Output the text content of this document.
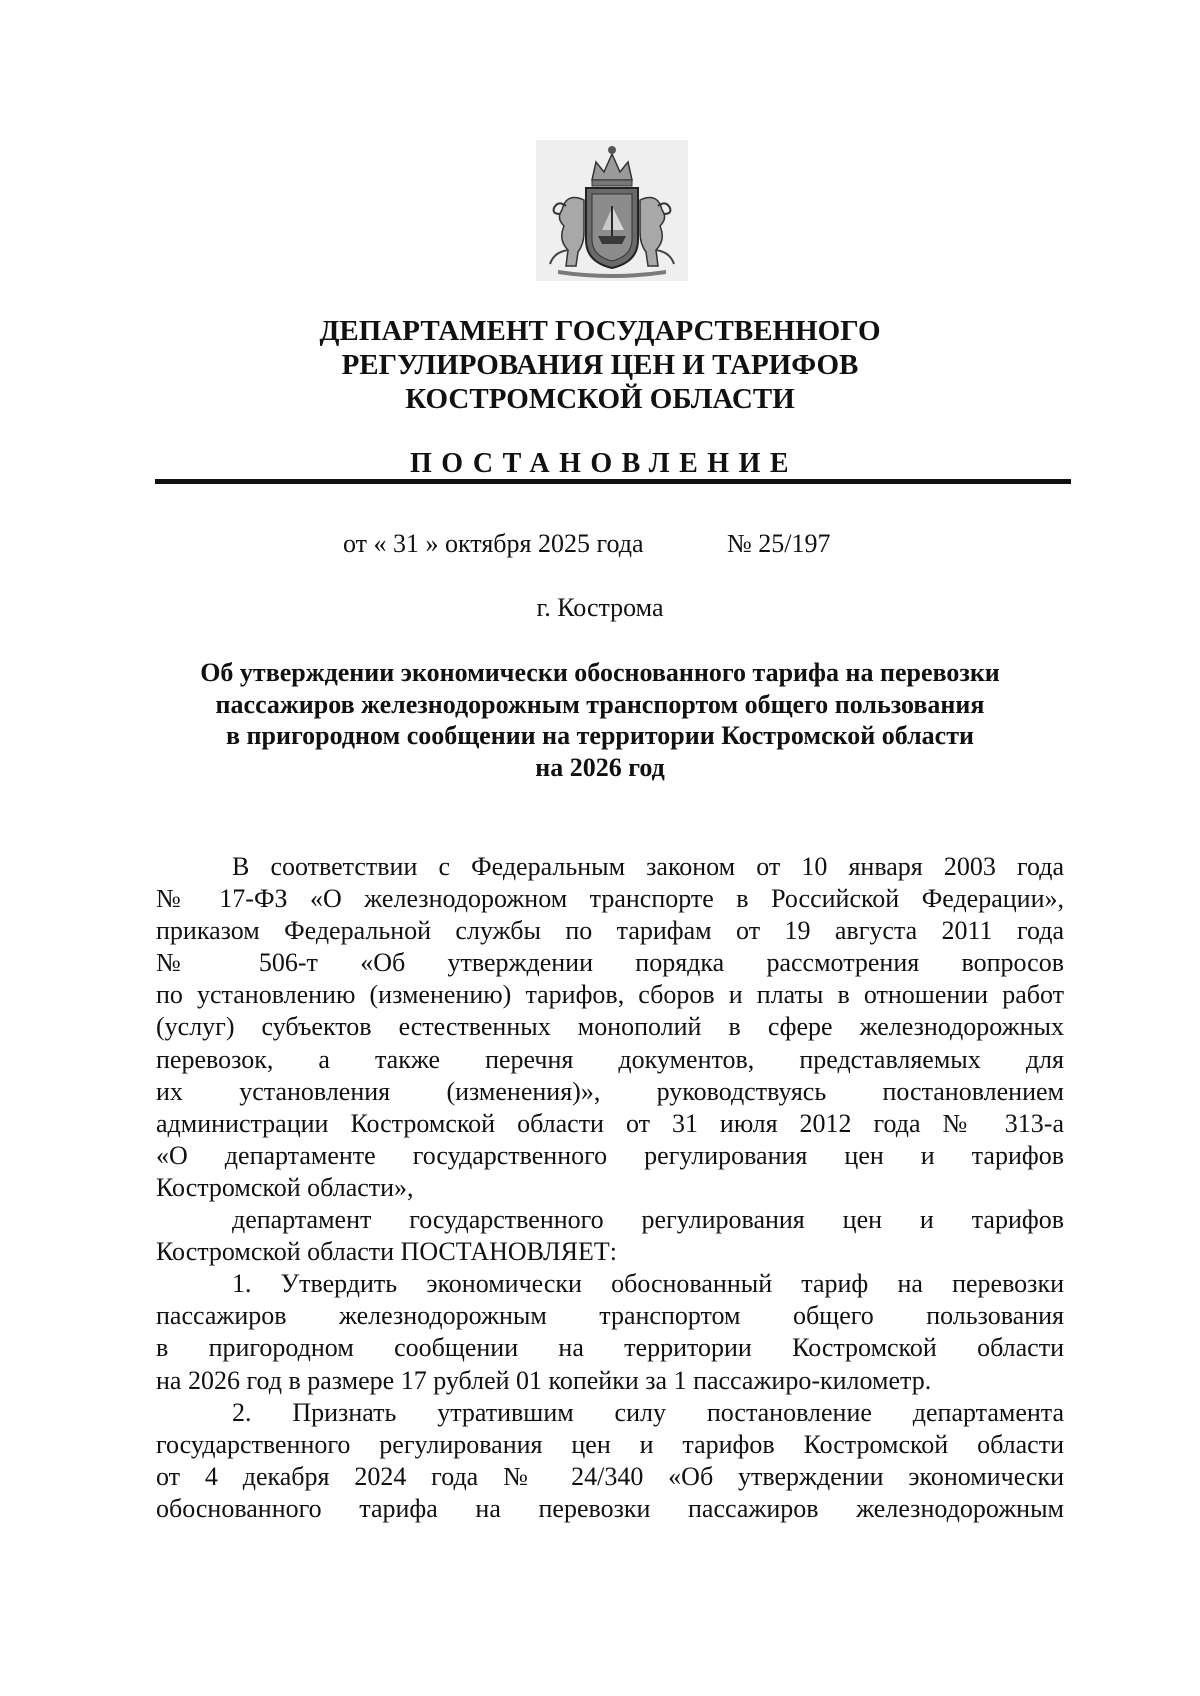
ДЕПАРТАМЕНТ ГОСУДАРСТВЕННОГО
РЕГУЛИРОВАНИЯ ЦЕН И ТАРИФОВ
КОСТРОМСКОЙ ОБЛАСТИ
ПОСТАНОВЛЕНИЕ
от « 31 » октября 2025 года	№ 25/197
г. Кострома
Об утверждении экономически обоснованного тарифа на перевозки
пассажиров железнодорожным транспортом общего пользования
в пригородном сообщении на территории Костромской области
на 2026 год
В соответствии с Федеральным законом от 10 января 2003 года
№ 17-ФЗ «О железнодорожном транспорте в Российской Федерации»,
приказом Федеральной службы по тарифам от 19 августа 2011 года
№ 506-т «Об утверждении порядка рассмотрения вопросов
по установлению (изменению) тарифов, сборов и платы в отношении работ
(услуг) субъектов естественных монополий в сфере железнодорожных
перевозок, а также перечня документов, представляемых для
их установления (изменения)», руководствуясь постановлением
администрации Костромской области от 31 июля 2012 года № 313-а
«О департаменте государственного регулирования цен и тарифов
Костромской области»,
департамент государственного регулирования цен и тарифов
Костромской области ПОСТАНОВЛЯЕТ:
1. Утвердить экономически обоснованный тариф на перевозки
пассажиров железнодорожным транспортом общего пользования
в пригородном сообщении на территории Костромской области
на 2026 год в размере 17 рублей 01 копейки за 1 пассажиро-километр.
2. Признать утратившим силу постановление департамента
государственного регулирования цен и тарифов Костромской области
от 4 декабря 2024 года № 24/340 «Об утверждении экономически
обоснованного тарифа на перевозки пассажиров железнодорожным
